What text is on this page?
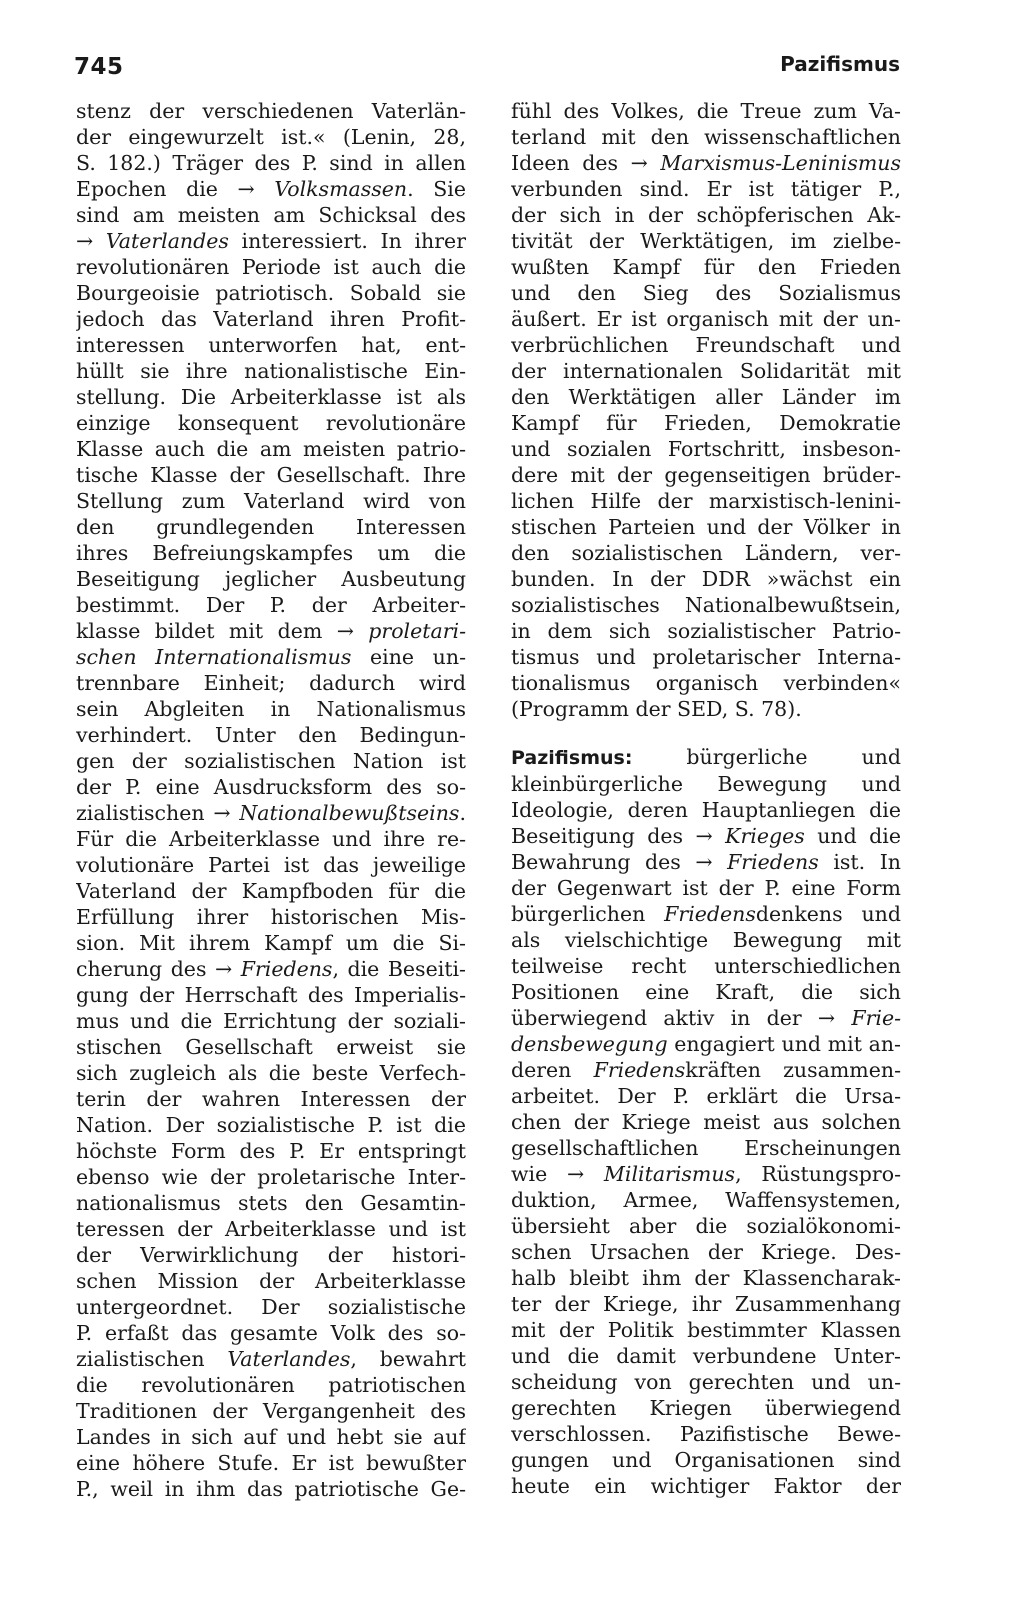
745	Pazifismus

stenz der verschiedenen Vaterlän-
der eingewurzelt ist.« (Lenin, 28,
S. 182.) Träger des P. sind in allen
Epochen die → Volksmassen. Sie
sind am meisten am Schicksal des
→ Vaterlandes interessiert. In ihrer
revolutionären Periode ist auch die
Bourgeoisie patriotisch. Sobald sie
jedoch das Vaterland ihren Profit-
interessen unterworfen hat, ent-
hüllt sie ihre nationalistische Ein-
stellung. Die Arbeiterklasse ist als
einzige konsequent revolutionäre
Klasse auch die am meisten patrio-
tische Klasse der Gesellschaft. Ihre
Stellung zum Vaterland wird von
den grundlegenden Interessen
ihres Befreiungskampfes um die
Beseitigung jeglicher Ausbeutung
bestimmt. Der P. der Arbeiter-
klasse bildet mit dem → proletari-
schen Internationalismus eine un-
trennbare Einheit; dadurch wird
sein Abgleiten in Nationalismus
verhindert. Unter den Bedingun-
gen der sozialistischen Nation ist
der P. eine Ausdrucksform des so-
zialistischen → Nationalbewußtseins.
Für die Arbeiterklasse und ihre re-
volutionäre Partei ist das jeweilige
Vaterland der Kampfboden für die
Erfüllung ihrer historischen Mis-
sion. Mit ihrem Kampf um die Si-
cherung des → Friedens, die Beseiti-
gung der Herrschaft des Imperialis-
mus und die Errichtung der soziali-
stischen Gesellschaft erweist sie
sich zugleich als die beste Verfech-
terin der wahren Interessen der
Nation. Der sozialistische P. ist die
höchste Form des P. Er entspringt
ebenso wie der proletarische Inter-
nationalismus stets den Gesamtin-
teressen der Arbeiterklasse und ist
der Verwirklichung der histori-
schen Mission der Arbeiterklasse
untergeordnet. Der sozialistische
P. erfaßt das gesamte Volk des so-
zialistischen Vaterlandes, bewahrt
die revolutionären patriotischen
Traditionen der Vergangenheit des
Landes in sich auf und hebt sie auf
eine höhere Stufe. Er ist bewußter
P., weil in ihm das patriotische Ge-

fühl des Volkes, die Treue zum Va-
terland mit den wissenschaftlichen
Ideen des → Marxismus-Leninismus
verbunden sind. Er ist tätiger P.,
der sich in der schöpferischen Ak-
tivität der Werktätigen, im zielbe-
wußten Kampf für den Frieden
und den Sieg des Sozialismus
äußert. Er ist organisch mit der un-
verbrüchlichen Freundschaft und
der internationalen Solidarität mit
den Werktätigen aller Länder im
Kampf für Frieden, Demokratie
und sozialen Fortschritt, insbeson-
dere mit der gegenseitigen brüder-
lichen Hilfe der marxistisch-lenini-
stischen Parteien und der Völker in
den sozialistischen Ländern, ver-
bunden. In der DDR »wächst ein
sozialistisches Nationalbewußtsein,
in dem sich sozialistischer Patrio-
tismus und proletarischer Interna-
tionalismus organisch verbinden«
(Programm der SED, S. 78).

Pazifismus:	bürgerliche und
kleinbürgerliche Bewegung und
Ideologie, deren Hauptanliegen die
Beseitigung des → Krieges und die
Bewahrung des → Friedens ist. In
der Gegenwart ist der P. eine Form
bürgerlichen Friedensdenkens und
als vielschichtige Bewegung mit
teilweise recht unterschiedlichen
Positionen eine Kraft, die sich
überwiegend aktiv in der → Frie-
densbewegung engagiert und mit an-
deren Friedenskräften zusammen-
arbeitet. Der P. erklärt die Ursa-
chen der Kriege meist aus solchen
gesellschaftlichen Erscheinungen
wie → Militarismus, Rüstungspro-
duktion, Armee, Waffensystemen,
übersieht aber die sozialökonomi-
schen Ursachen der Kriege. Des-
halb bleibt ihm der Klassencharak-
ter der Kriege, ihr Zusammenhang
mit der Politik bestimmter Klassen
und die damit verbundene Unter-
scheidung von gerechten und un-
gerechten Kriegen überwiegend
verschlossen. Pazifistische Bewe-
gungen und Organisationen sind
heute ein wichtiger Faktor der
